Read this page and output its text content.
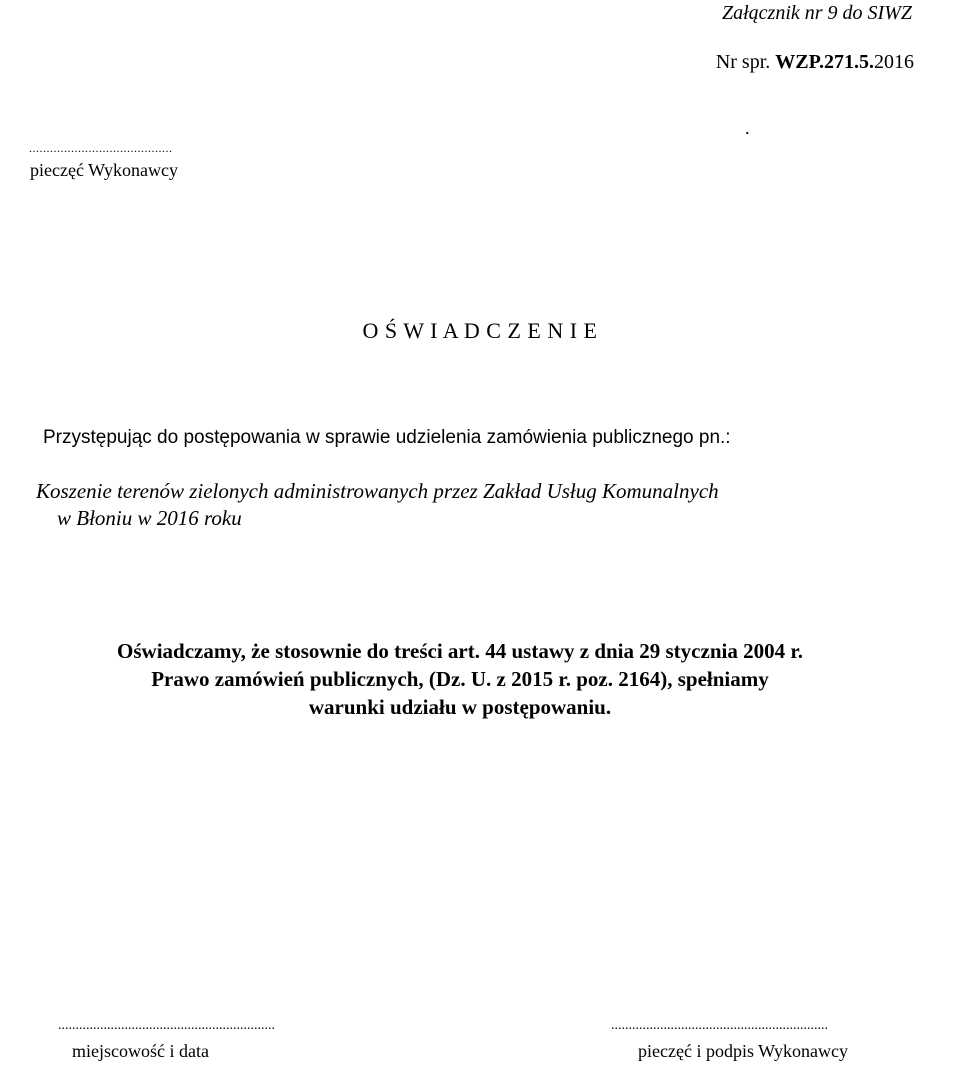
Załącznik nr 9 do SIWZ
Nr spr. WZP.271.5.2016
.
.........................................
pieczęć Wykonawcy
O Ś W I A D C Z E N I E
Przystępując do postępowania w sprawie udzielenia zamówienia publicznego pn.:
Koszenie terenów zielonych administrowanych przez Zakład Usług Komunalnych
w Błoniu w 2016 roku
Oświadczamy, że stosownie do treści art. 44 ustawy z dnia 29 stycznia 2004 r.
Prawo zamówień publicznych, (Dz. U. z 2015 r. poz. 2164), spełniamy
warunki udziału w postępowaniu.
..............................................................
miejscowość i data
..............................................................
pieczęć i podpis Wykonawcy
